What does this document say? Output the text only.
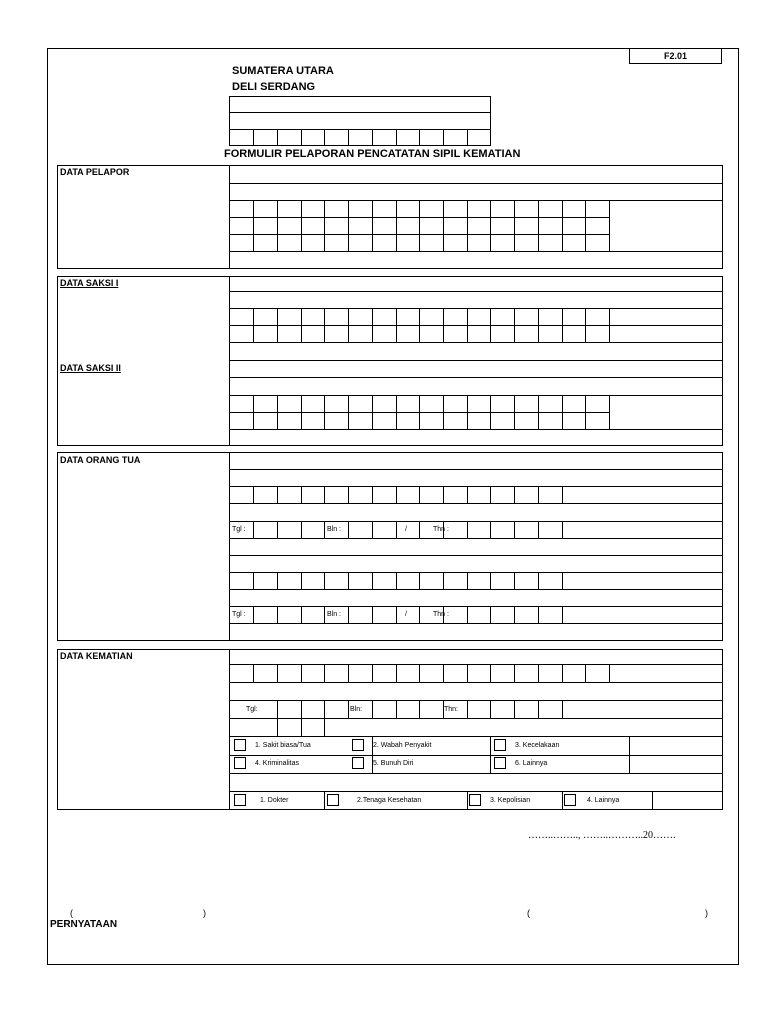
F2.01
SUMATERA UTARA
DELI SERDANG
FORMULIR PELAPORAN PENCATATAN SIPIL KEMATIAN
DATA PELAPOR
DATA SAKSI I
DATA SAKSI II
DATA ORANG TUA
Tgl :	Bln :	/	Thn :
Tgl :	Bln :	/	Thn :
DATA KEMATIAN
Tgl:	Bln:	Thn:
1. Sakit biasa/Tua	2. Wabah Penyakit	3. Kecelakaan
4. Kriminalitas	5. Bunuh Diri	6. Lainnya
1. Dokter	2.Tenaga Kesehatan	3. Kepolisian	4. Lainnya
……..…….., ……..………..20…….
(	)	(	)
PERNYATAAN
